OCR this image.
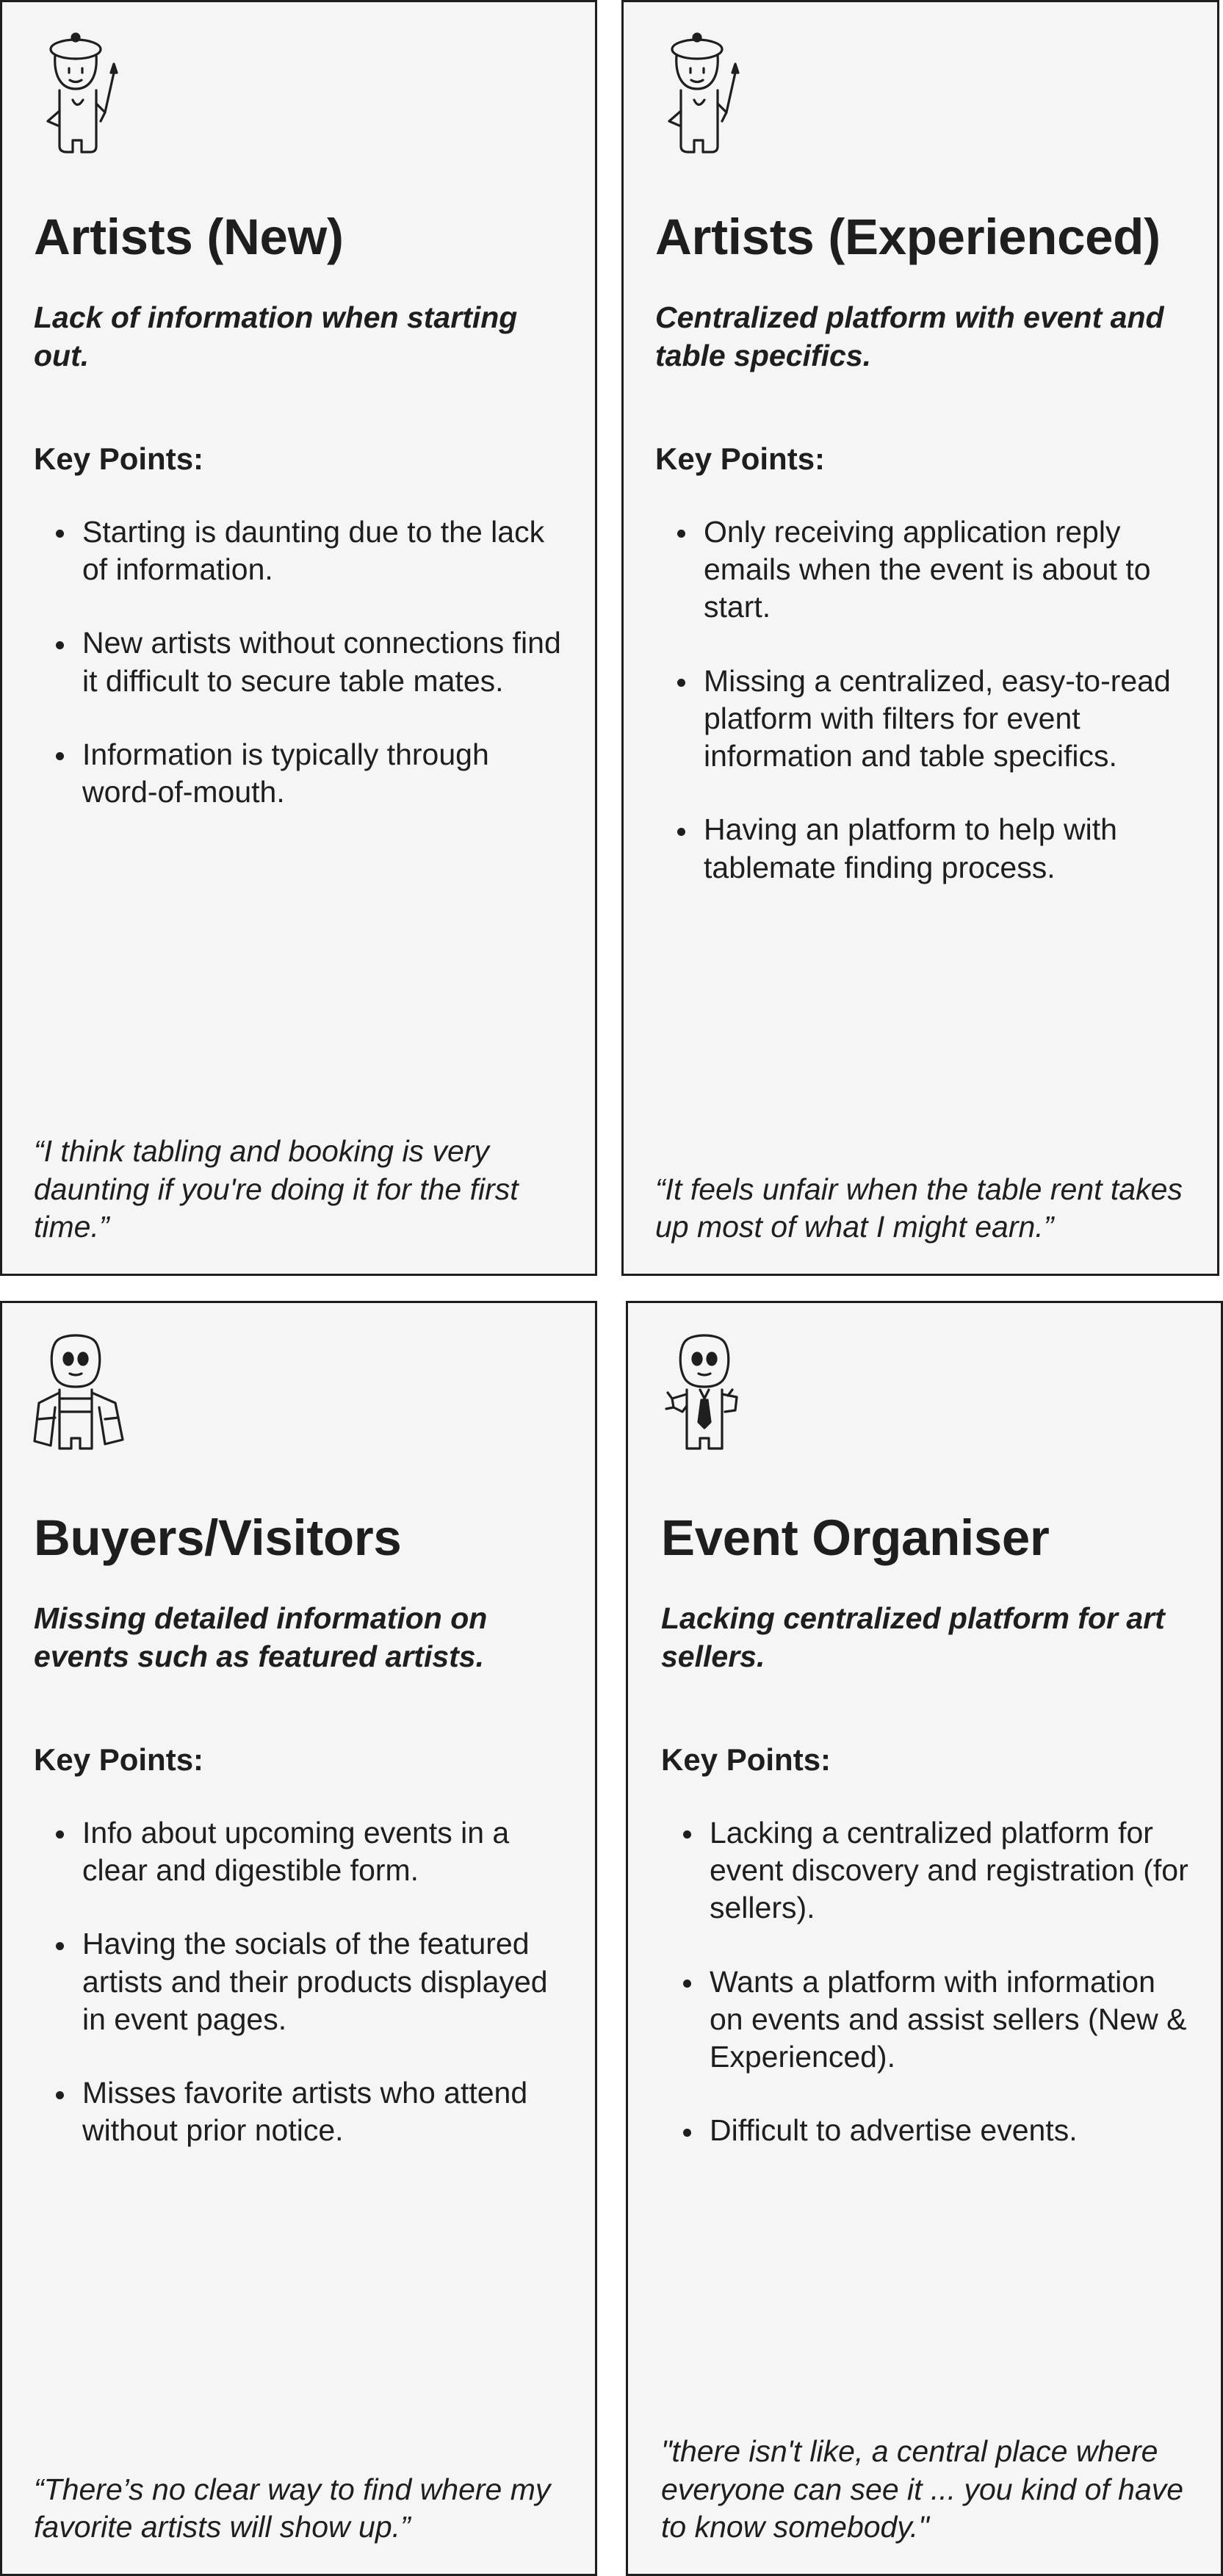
Artists (New)

Lack of information when starting out.

Key Points:
Starting is daunting due to the lack of information.
New artists without connections find it difficult to secure table mates.
Information is typically through word-of-mouth.

“I think tabling and booking is very daunting if you're doing it for the first time.”

Artists (Experienced)

Centralized platform with event and table specifics.

Key Points:
Only receiving application reply emails when the event is about to start.
Missing a centralized, easy-to-read platform with filters for event information and table specifics.
Having an platform to help with tablemate finding process.

“It feels unfair when the table rent takes up most of what I might earn.”

Buyers/Visitors

Missing detailed information on events such as featured artists.

Key Points:
Info about upcoming events in a clear and digestible form.
Having the socials of the featured artists and their products displayed in event pages.
Misses favorite artists who attend without prior notice.

“There’s no clear way to find where my favorite artists will show up.”

Event Organiser

Lacking centralized platform for art sellers.

Key Points:
Lacking a centralized platform for event discovery and registration (for sellers).
Wants a platform with information on events and assist sellers (New & Experienced).
Difficult to advertise events.

"there isn't like, a central place where everyone can see it ... you kind of have to know somebody."
